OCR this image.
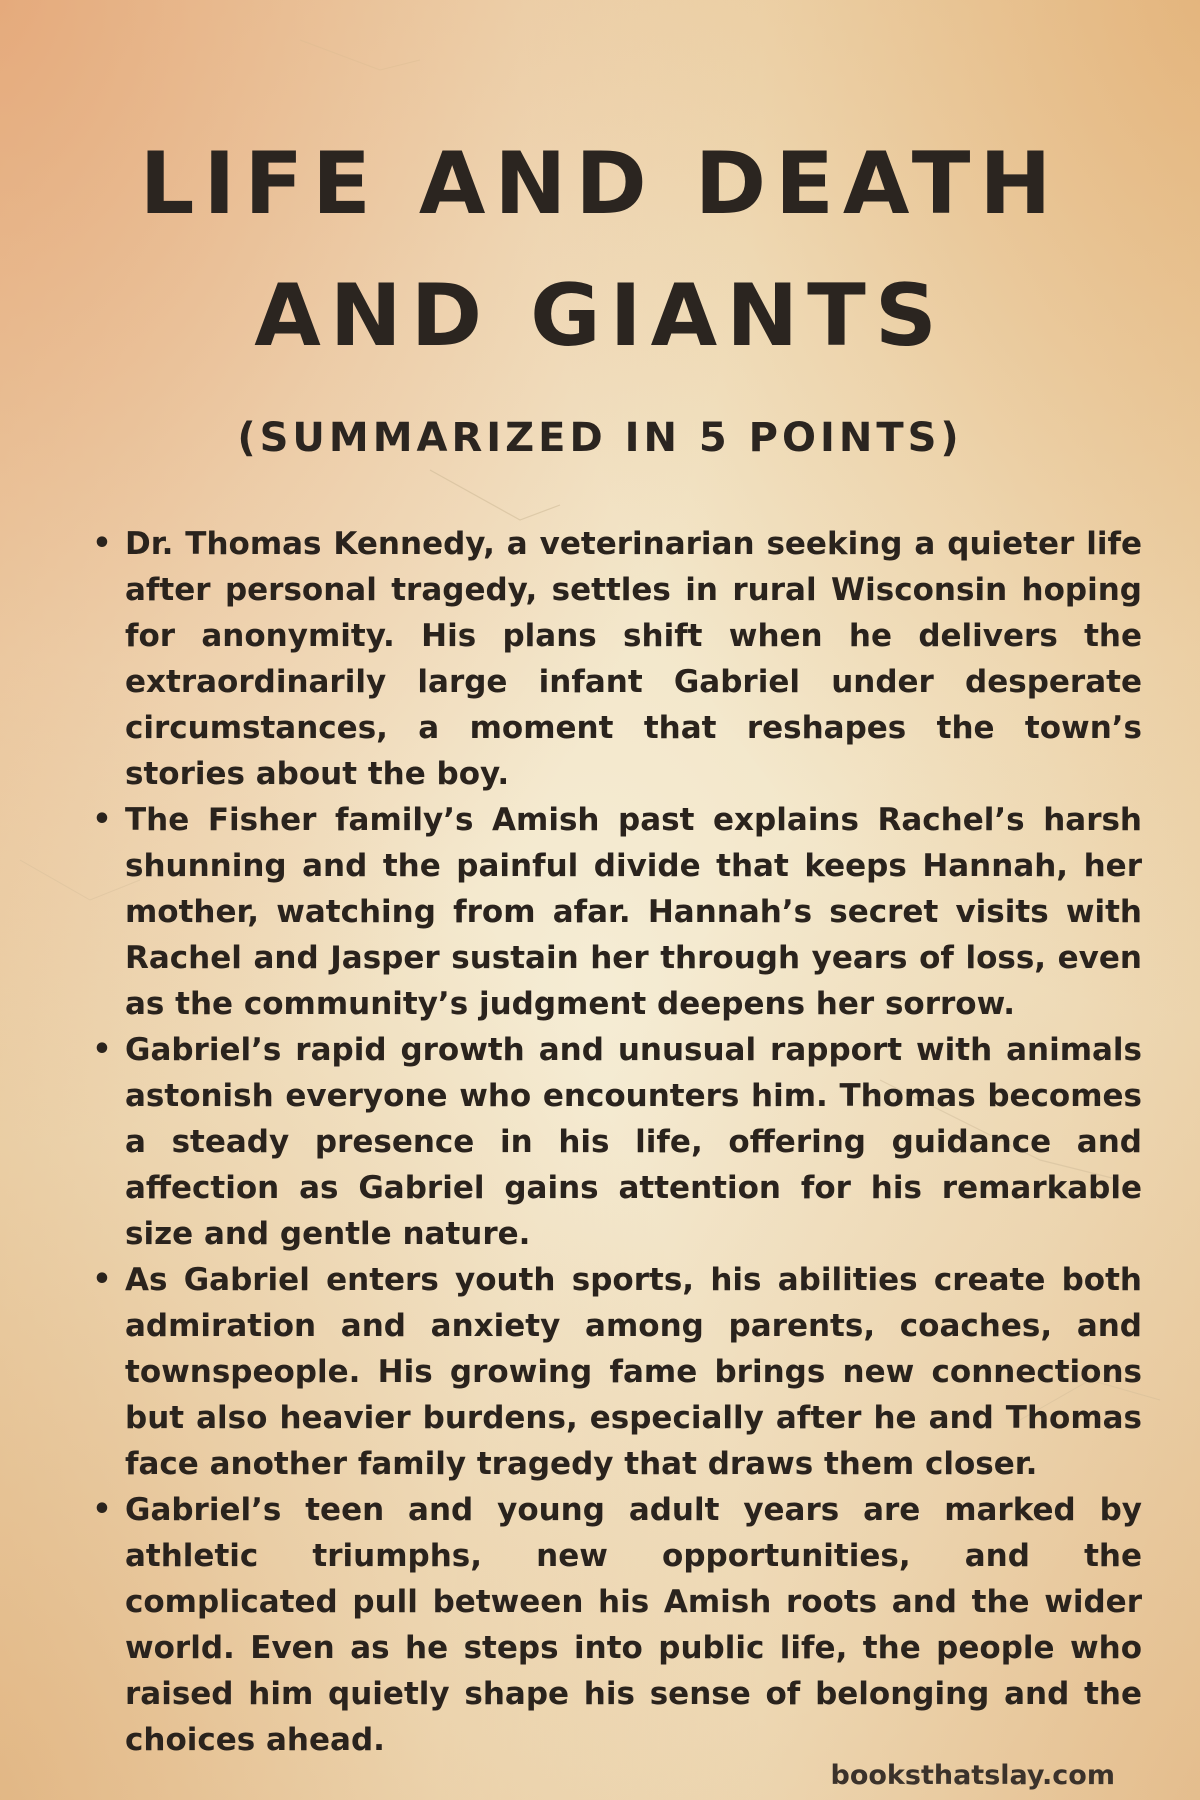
LIFE AND DEATH AND GIANTS
(SUMMARIZED IN 5 POINTS)
• Dr. Thomas Kennedy, a veterinarian seeking a quieter life after personal tragedy, settles in rural Wisconsin hoping for anonymity. His plans shift when he delivers the extraordinarily large infant Gabriel under desperate circumstances, a moment that reshapes the town’s stories about the boy.
• The Fisher family’s Amish past explains Rachel’s harsh shunning and the painful divide that keeps Hannah, her mother, watching from afar. Hannah’s secret visits with Rachel and Jasper sustain her through years of loss, even as the community’s judgment deepens her sorrow.
• Gabriel’s rapid growth and unusual rapport with animals astonish everyone who encounters him. Thomas becomes a steady presence in his life, offering guidance and affection as Gabriel gains attention for his remarkable size and gentle nature.
• As Gabriel enters youth sports, his abilities create both admiration and anxiety among parents, coaches, and townspeople. His growing fame brings new connections but also heavier burdens, especially after he and Thomas face another family tragedy that draws them closer.
• Gabriel’s teen and young adult years are marked by athletic triumphs, new opportunities, and the complicated pull between his Amish roots and the wider world. Even as he steps into public life, the people who raised him quietly shape his sense of belonging and the choices ahead.
booksthatslay.com
